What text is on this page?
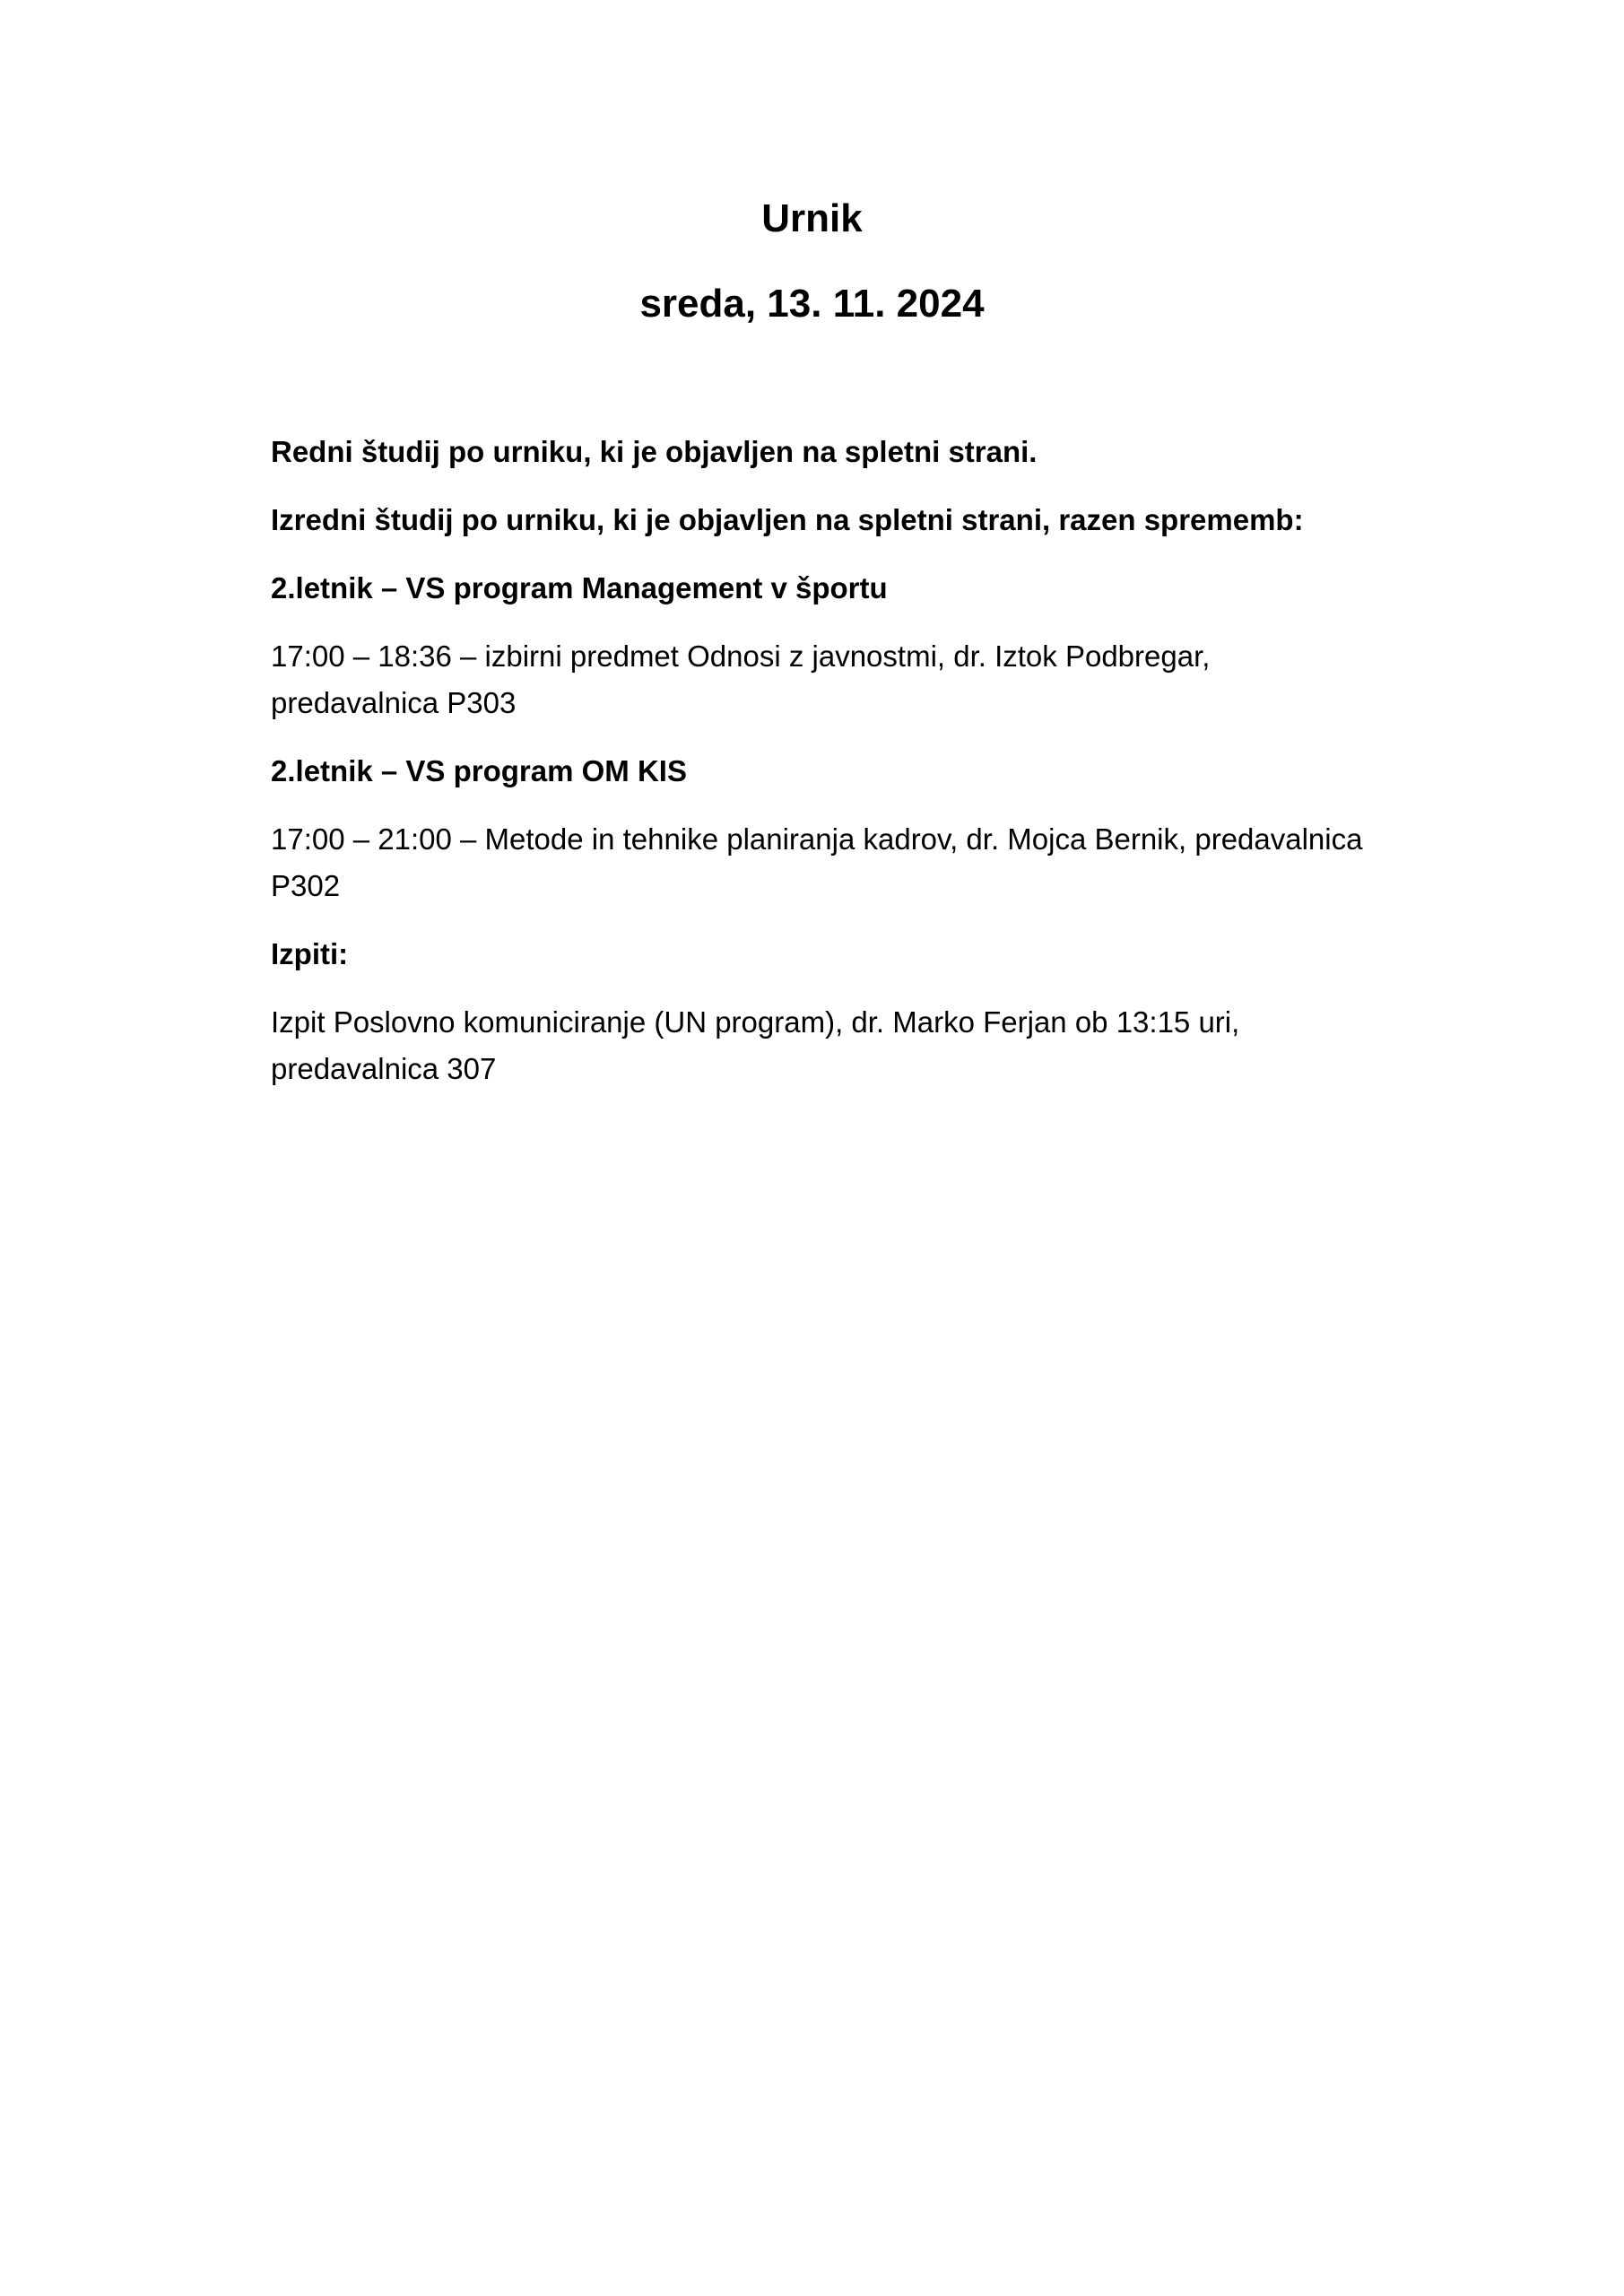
Urnik
sreda, 13. 11. 2024

Redni študij po urniku, ki je objavljen na spletni strani.

Izredni študij po urniku, ki je objavljen na spletni strani, razen sprememb:

2.letnik – VS program Management v športu

17:00 – 18:36 – izbirni predmet Odnosi z javnostmi, dr. Iztok Podbregar,
predavalnica P303

2.letnik – VS program OM KIS

17:00 – 21:00 – Metode in tehnike planiranja kadrov, dr. Mojca Bernik, predavalnica
P302

Izpiti:

Izpit Poslovno komuniciranje (UN program), dr. Marko Ferjan ob 13:15 uri,
predavalnica 307
